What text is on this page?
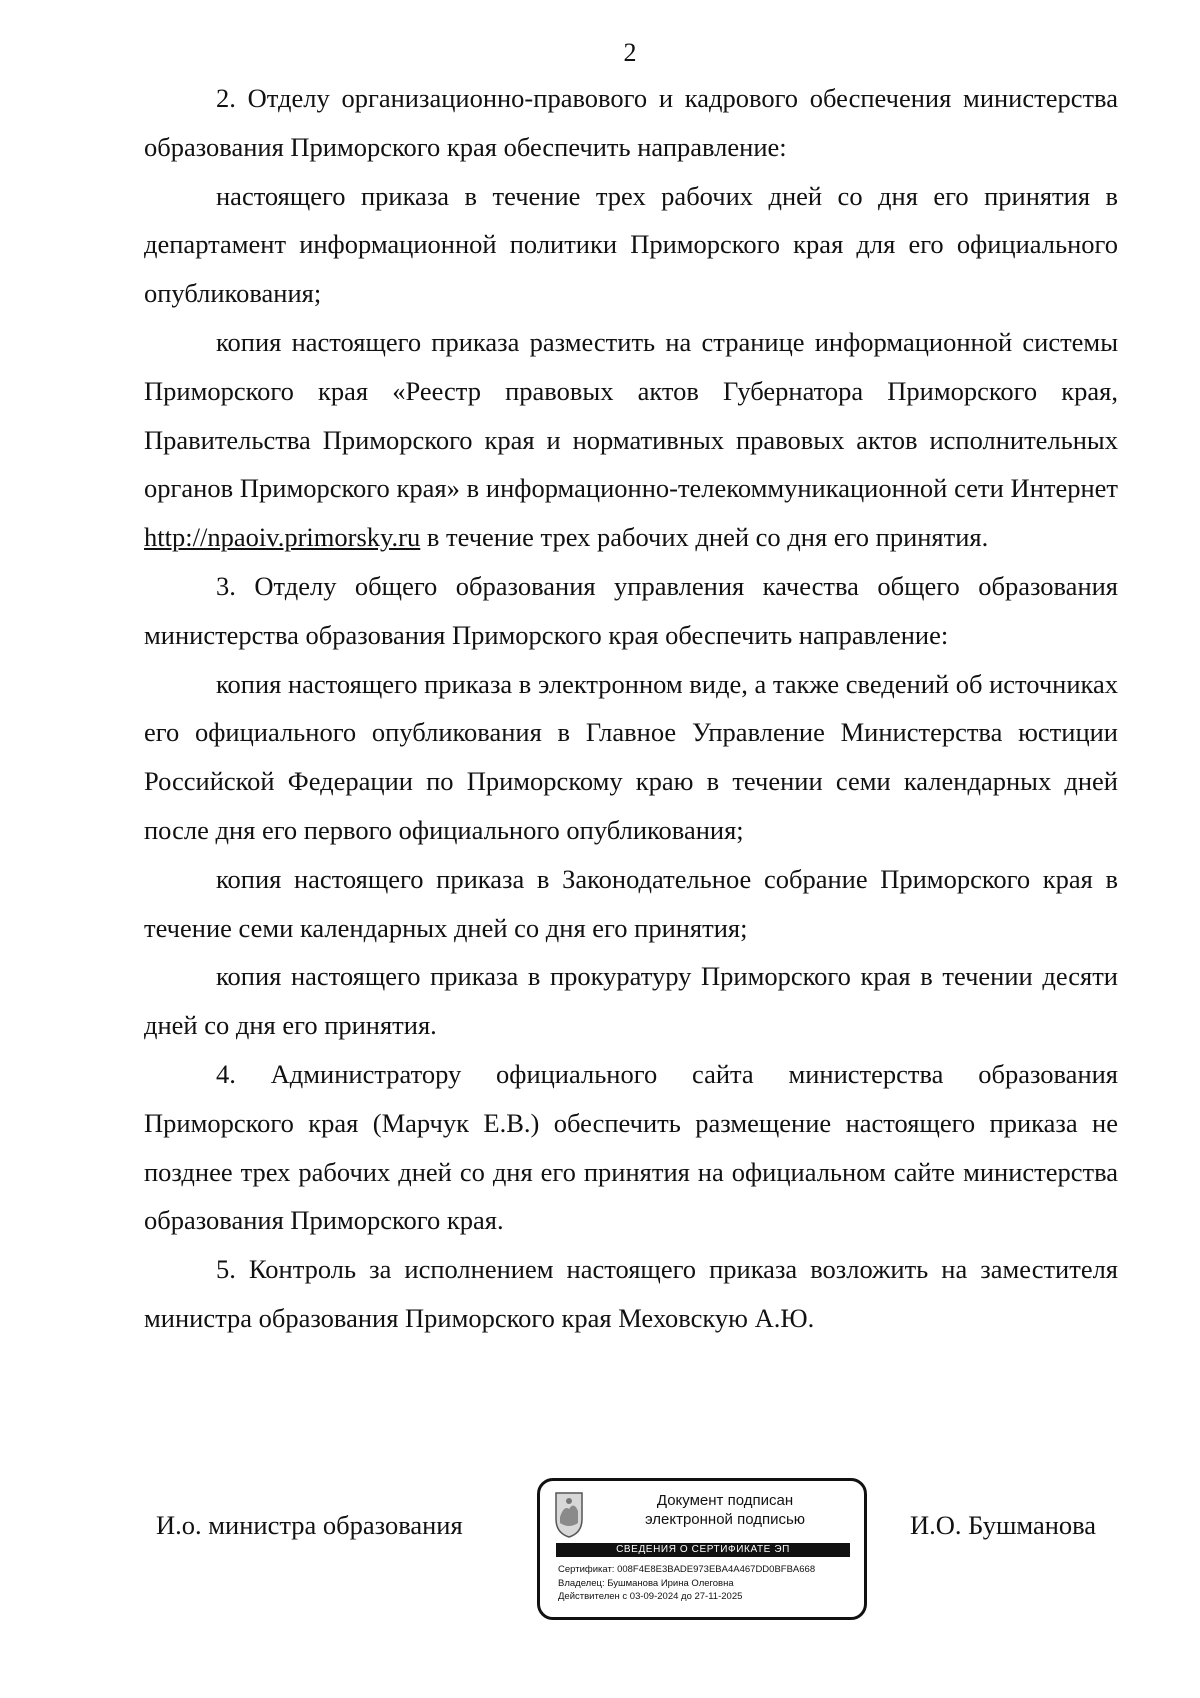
2

2. Отделу организационно-правового и кадрового обеспечения министерства образования Приморского края обеспечить направление:

настоящего приказа в течение трех рабочих дней со дня его принятия в департамент информационной политики Приморского края для его официального опубликования;

копия настоящего приказа разместить на странице информационной системы Приморского края «Реестр правовых актов Губернатора Приморского края, Правительства Приморского края и нормативных правовых актов исполнительных органов Приморского края» в информационно-телекоммуникационной сети Интернет http://npaoiv.primorsky.ru в течение трех рабочих дней со дня его принятия.

3. Отделу общего образования управления качества общего образования министерства образования Приморского края обеспечить направление:

копия настоящего приказа в электронном виде, а также сведений об источниках его официального опубликования в Главное Управление Министерства юстиции Российской Федерации по Приморскому краю в течении семи календарных дней после дня его первого официального опубликования;

копия настоящего приказа в Законодательное собрание Приморского края в течение семи календарных дней со дня его принятия;

копия настоящего приказа в прокуратуру Приморского края в течении десяти дней со дня его принятия.

4. Администратору официального сайта министерства образования Приморского края (Марчук Е.В.) обеспечить размещение настоящего приказа не позднее трех рабочих дней со дня его принятия на официальном сайте министерства образования Приморского края.

5. Контроль за исполнением настоящего приказа возложить на заместителя министра образования Приморского края Меховскую А.Ю.

И.о. министра образования
Документ подписан
электронной подписью
СВЕДЕНИЯ О СЕРТИФИКАТЕ ЭП
Сертификат: 008F4E8E3BADE973EBA4A467DD0BFBA668
Владелец: Бушманова Ирина Олеговна
Действителен с 03-09-2024 до 27-11-2025
И.О. Бушманова
